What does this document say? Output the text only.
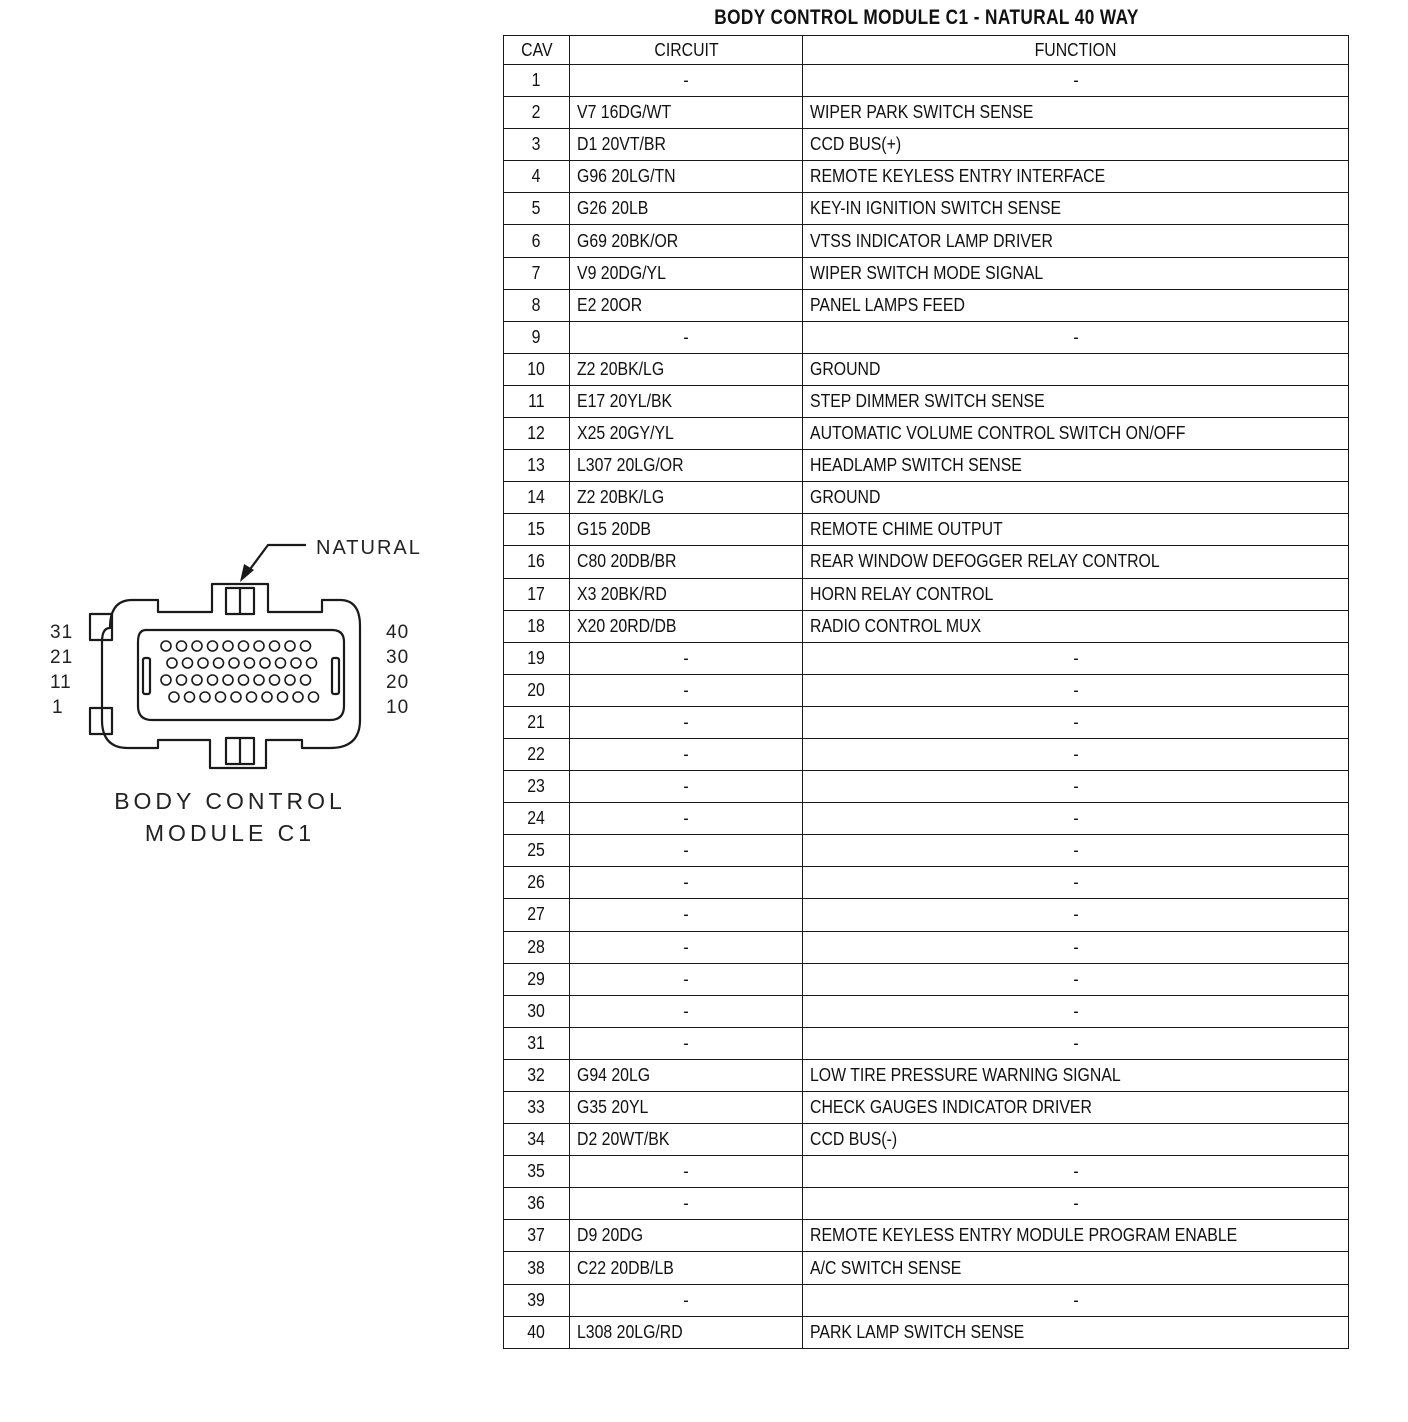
NATURAL
31
21
11
1
40
30
20
10
BODY CONTROL
MODULE C1
BODY CONTROL MODULE C1 - NATURAL 40 WAY
CAV	CIRCUIT	FUNCTION
1	-	-
2	V7 16DG/WT	WIPER PARK SWITCH SENSE
3	D1 20VT/BR	CCD BUS(+)
4	G96 20LG/TN	REMOTE KEYLESS ENTRY INTERFACE
5	G26 20LB	KEY-IN IGNITION SWITCH SENSE
6	G69 20BK/OR	VTSS INDICATOR LAMP DRIVER
7	V9 20DG/YL	WIPER SWITCH MODE SIGNAL
8	E2 20OR	PANEL LAMPS FEED
9	-	-
10	Z2 20BK/LG	GROUND
11	E17 20YL/BK	STEP DIMMER SWITCH SENSE
12	X25 20GY/YL	AUTOMATIC VOLUME CONTROL SWITCH ON/OFF
13	L307 20LG/OR	HEADLAMP SWITCH SENSE
14	Z2 20BK/LG	GROUND
15	G15 20DB	REMOTE CHIME OUTPUT
16	C80 20DB/BR	REAR WINDOW DEFOGGER RELAY CONTROL
17	X3 20BK/RD	HORN RELAY CONTROL
18	X20 20RD/DB	RADIO CONTROL MUX
19	-	-
20	-	-
21	-	-
22	-	-
23	-	-
24	-	-
25	-	-
26	-	-
27	-	-
28	-	-
29	-	-
30	-	-
31	-	-
32	G94 20LG	LOW TIRE PRESSURE WARNING SIGNAL
33	G35 20YL	CHECK GAUGES INDICATOR DRIVER
34	D2 20WT/BK	CCD BUS(-)
35	-	-
36	-	-
37	D9 20DG	REMOTE KEYLESS ENTRY MODULE PROGRAM ENABLE
38	C22 20DB/LB	A/C SWITCH SENSE
39	-	-
40	L308 20LG/RD	PARK LAMP SWITCH SENSE
